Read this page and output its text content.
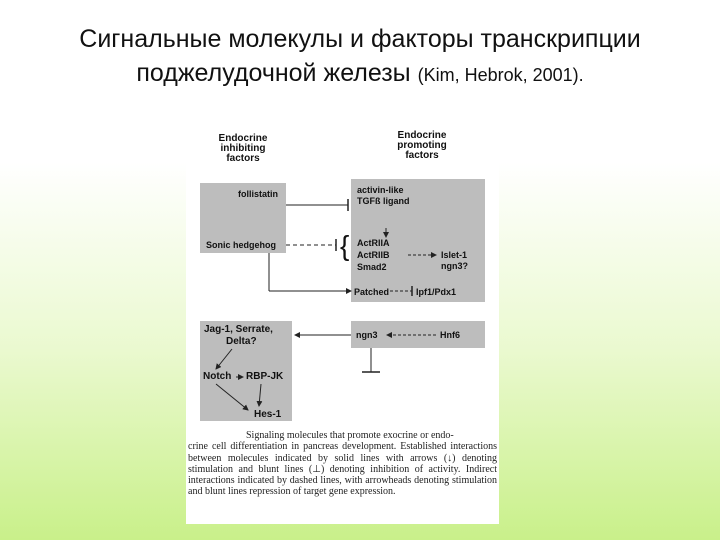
Сигнальные молекулы и факторы транскрипции
поджелудочной железы (Kim, Hebrok, 2001).
Endocrine
inhibiting
factors
Endocrine
promoting
factors
follistatin
Sonic hedgehog
activin-like
TGFß ligand
{ ActRIIA
ActRIIB
Smad2
Islet-1
ngn3?
Patched	Ipf1/Pdx1
ngn3	Hnf6
Jag-1, Serrate,
Delta?
Notch RBP-JK
Hes-1
Signaling molecules that promote exocrine or endo-
crine cell differentiation in pancreas development. Established interactions between molecules indicated by solid lines with arrows (↓) denoting stimulation and blunt lines (⊥) denoting inhibition of activity. Indirect interactions indicated by dashed lines, with arrowheads denoting stimulation and blunt lines repression of target gene expression.
